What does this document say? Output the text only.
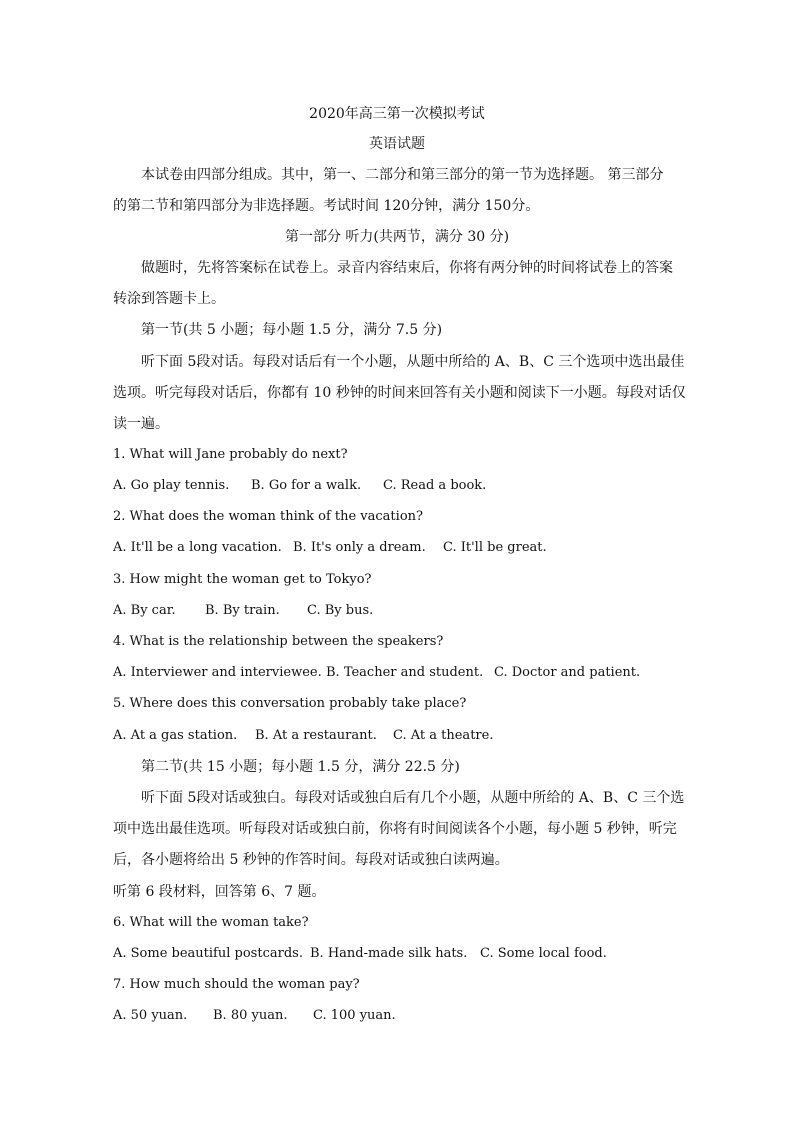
2020年高三第一次模拟考试
英语试题
本试卷由四部分组成。其中，第一、二部分和第三部分的第一节为选择题。 第三部分
的第二节和第四部分为非选择题。考试时间 120分钟，满分 150分。
第一部分 听力(共两节，满分 30 分)
做题时，先将答案标在试卷上。录音内容结束后，你将有两分钟的时间将试卷上的答案
转涂到答题卡上。
第一节(共 5 小题；每小题 1.5 分，满分 7.5 分)
听下面 5段对话。每段对话后有一个小题，从题中所给的 A、B、C 三个选项中选出最佳
选项。听完每段对话后，你都有 10 秒钟的时间来回答有关小题和阅读下一小题。每段对话仅
读一遍。
1. What will Jane probably do next?
A. Go play tennis. B. Go for a walk. C. Read a book.
2. What does the woman think of the vacation?
A. It'll be a long vacation. B. It's only a dream. C. It'll be great.
3. How might the woman get to Tokyo?
A. By car. B. By train. C. By bus.
4. What is the relationship between the speakers?
A. Interviewer and interviewee. B. Teacher and student. C. Doctor and patient.
5. Where does this conversation probably take place?
A. At a gas station. B. At a restaurant. C. At a theatre.
第二节(共 15 小题；每小题 1.5 分，满分 22.5 分)
听下面 5段对话或独白。每段对话或独白后有几个小题，从题中所给的 A、B、C 三个选
项中选出最佳选项。听每段对话或独白前，你将有时间阅读各个小题，每小题 5 秒钟，听完
后，各小题将给出 5 秒钟的作答时间。每段对话或独白读两遍。
听第 6 段材料，回答第 6、7 题。
6. What will the woman take?
A. Some beautiful postcards. B. Hand-made silk hats. C. Some local food.
7. How much should the woman pay?
A. 50 yuan. B. 80 yuan. C. 100 yuan.
